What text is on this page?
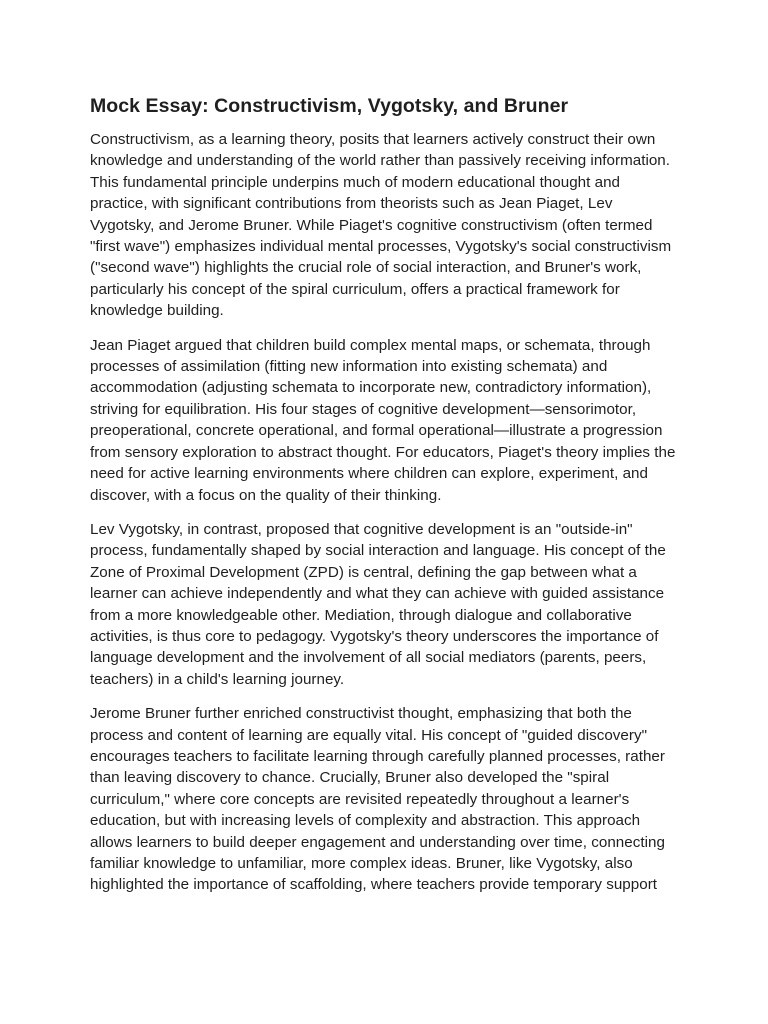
Mock Essay: Constructivism, Vygotsky, and Bruner

Constructivism, as a learning theory, posits that learners actively construct their own knowledge and understanding of the world rather than passively receiving information. This fundamental principle underpins much of modern educational thought and practice, with significant contributions from theorists such as Jean Piaget, Lev Vygotsky, and Jerome Bruner. While Piaget's cognitive constructivism (often termed "first wave") emphasizes individual mental processes, Vygotsky's social constructivism ("second wave") highlights the crucial role of social interaction, and Bruner's work, particularly his concept of the spiral curriculum, offers a practical framework for knowledge building.

Jean Piaget argued that children build complex mental maps, or schemata, through processes of assimilation (fitting new information into existing schemata) and accommodation (adjusting schemata to incorporate new, contradictory information), striving for equilibration. His four stages of cognitive development—sensorimotor, preoperational, concrete operational, and formal operational—illustrate a progression from sensory exploration to abstract thought. For educators, Piaget's theory implies the need for active learning environments where children can explore, experiment, and discover, with a focus on the quality of their thinking.

Lev Vygotsky, in contrast, proposed that cognitive development is an "outside-in" process, fundamentally shaped by social interaction and language. His concept of the Zone of Proximal Development (ZPD) is central, defining the gap between what a learner can achieve independently and what they can achieve with guided assistance from a more knowledgeable other. Mediation, through dialogue and collaborative activities, is thus core to pedagogy. Vygotsky's theory underscores the importance of language development and the involvement of all social mediators (parents, peers, teachers) in a child's learning journey.

Jerome Bruner further enriched constructivist thought, emphasizing that both the process and content of learning are equally vital. His concept of "guided discovery" encourages teachers to facilitate learning through carefully planned processes, rather than leaving discovery to chance. Crucially, Bruner also developed the "spiral curriculum," where core concepts are revisited repeatedly throughout a learner's education, but with increasing levels of complexity and abstraction. This approach allows learners to build deeper engagement and understanding over time, connecting familiar knowledge to unfamiliar, more complex ideas. Bruner, like Vygotsky, also highlighted the importance of scaffolding, where teachers provide temporary support
